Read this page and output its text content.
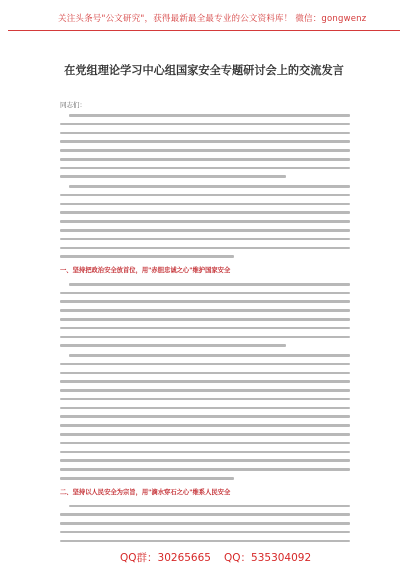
关注头条号"公文研究"，获得最新最全最专业的公文资料库！ 微信：gongwenz
在党组理论学习中心组国家安全专题研讨会上的交流发言
同志们：
一、坚持把政治安全放首位，用"赤胆忠诚之心"维护国家安全
二、坚持以人民安全为宗旨，用"滴水穿石之心"维系人民安全
QQ群：30265665 QQ：535304092
